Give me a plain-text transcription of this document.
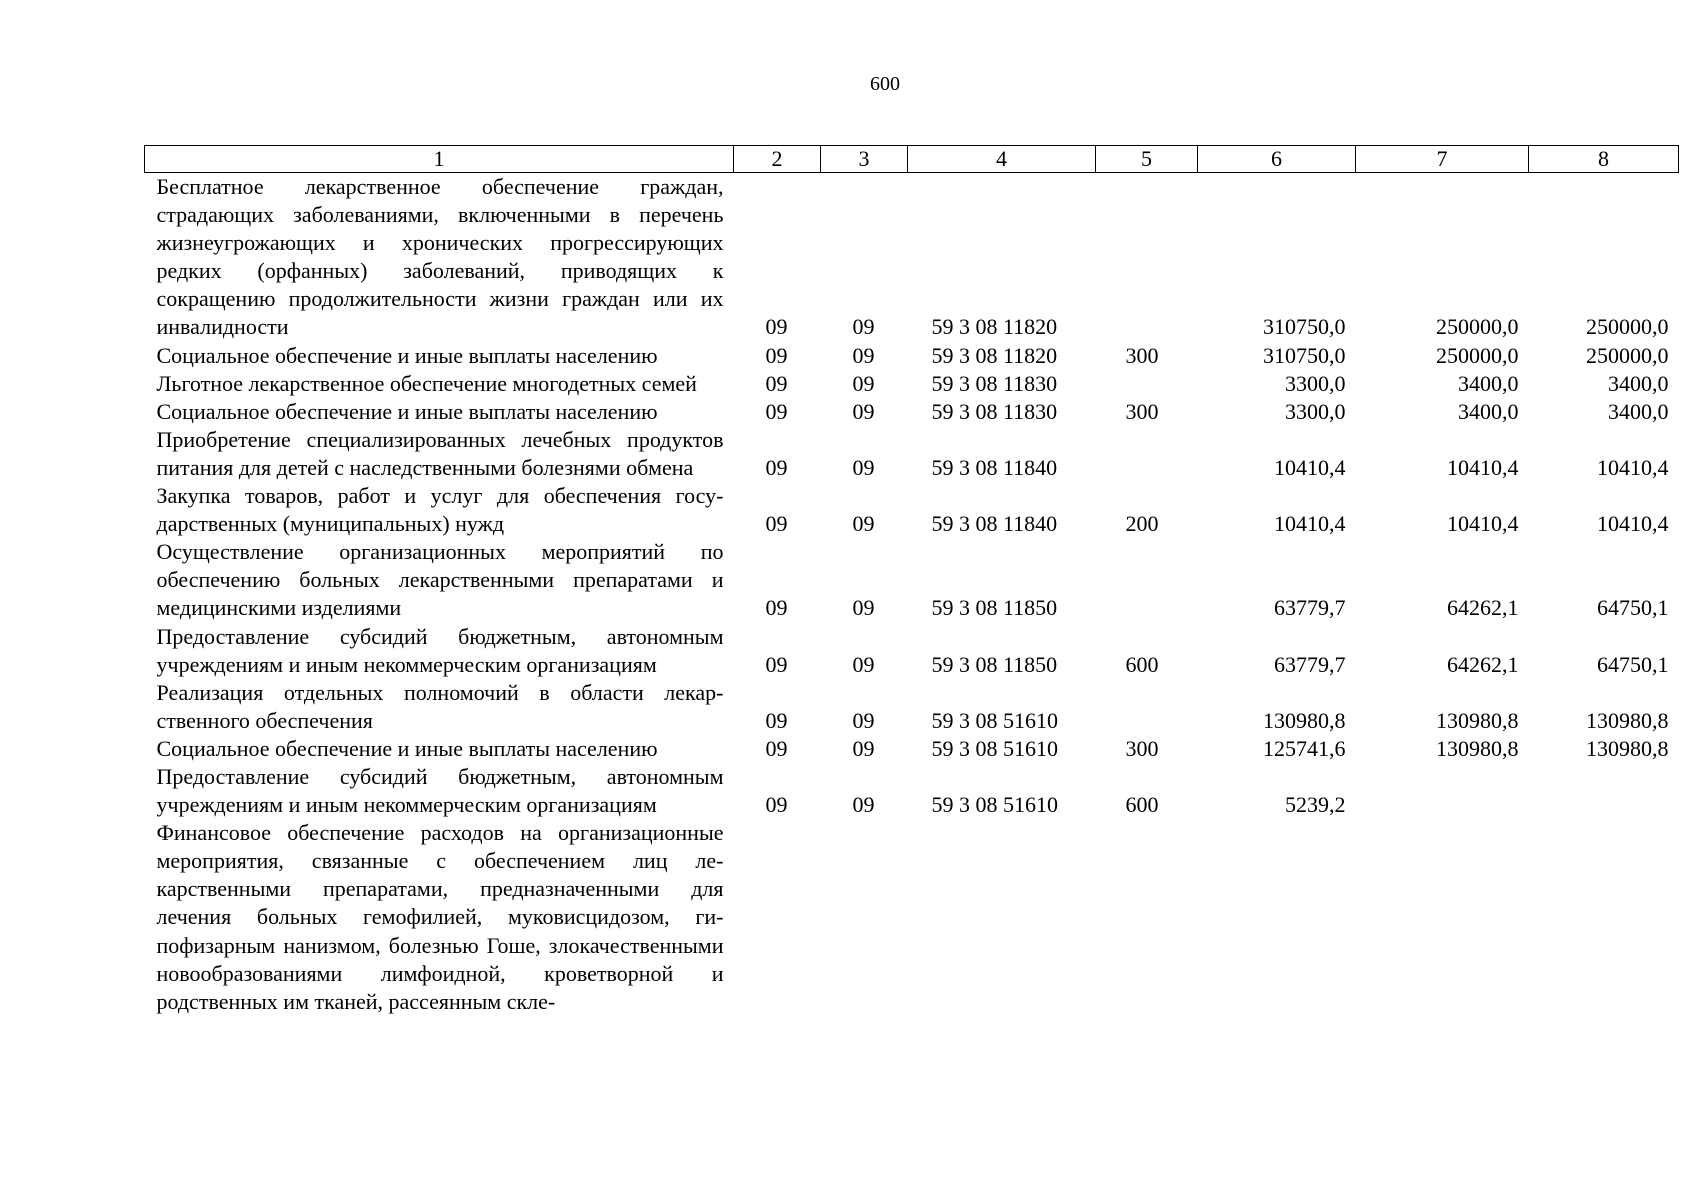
600
1	2	3	4	5	6	7	8
Бесплатное лекарственное обеспечение граждан, страдающих заболеваниями, включенными в перечень жизнеугрожающих и хронических прогрессирующих редких (орфанных) заболеваний, приводящих к сокращению продолжительности жизни граждан или их инвалидности	09	09	59 3 08 11820		310750,0	250000,0	250000,0
Социальное обеспечение и иные выплаты населению	09	09	59 3 08 11820	300	310750,0	250000,0	250000,0
Льготное лекарственное обеспечение многодетных семей	09	09	59 3 08 11830		3300,0	3400,0	3400,0
Социальное обеспечение и иные выплаты населению	09	09	59 3 08 11830	300	3300,0	3400,0	3400,0
Приобретение специализированных лечебных продуктов питания для детей с наследственными болезнями обмена	09	09	59 3 08 11840		10410,4	10410,4	10410,4
Закупка товаров, работ и услуг для обеспечения государственных (муниципальных) нужд	09	09	59 3 08 11840	200	10410,4	10410,4	10410,4
Осуществление организационных мероприятий по обеспечению больных лекарственными препаратами и медицинскими изделиями	09	09	59 3 08 11850		63779,7	64262,1	64750,1
Предоставление субсидий бюджетным, автономным учреждениям и иным некоммерческим организациям	09	09	59 3 08 11850	600	63779,7	64262,1	64750,1
Реализация отдельных полномочий в области лекарственного обеспечения	09	09	59 3 08 51610		130980,8	130980,8	130980,8
Социальное обеспечение и иные выплаты населению	09	09	59 3 08 51610	300	125741,6	130980,8	130980,8
Предоставление субсидий бюджетным, автономным учреждениям и иным некоммерческим организациям	09	09	59 3 08 51610	600	5239,2		
Финансовое обеспечение расходов на организационные мероприятия, связанные с обеспечением лиц лекарственными препаратами, предназначенными для лечения больных гемофилией, муковисцидозом, гипофизарным нанизмом, болезнью Гоше, злокачественными новообразованиями лимфоидной, кроветворной и родственных им тканей, рассеянным скле-							
